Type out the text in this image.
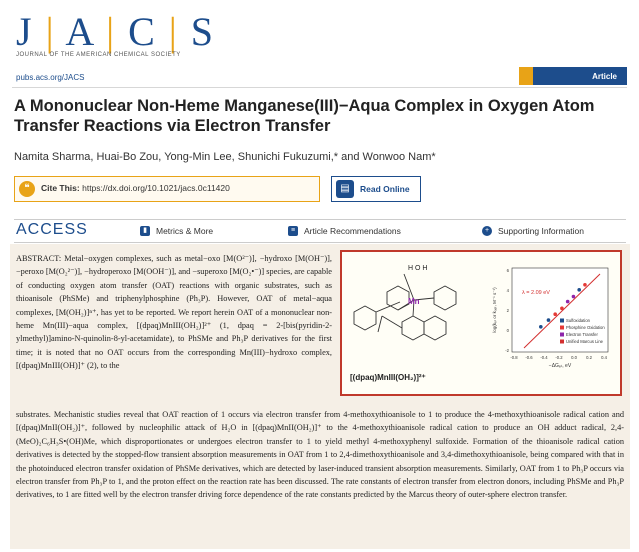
J | A | C | S
JOURNAL OF THE AMERICAN CHEMICAL SOCIETY
pubs.acs.org/JACS	Article
A Mononuclear Non-Heme Manganese(III)−Aqua Complex in Oxygen Atom Transfer Reactions via Electron Transfer
Namita Sharma, Huai-Bo Zou, Yong-Min Lee, Shunichi Fukuzumi,* and Wonwoo Nam*
❝	Cite This: https://dx.doi.org/10.1021/jacs.0c11420	▤	Read Online
ACCESS	▮	Metrics & More	≡	Article Recommendations	+	Supporting Information
ABSTRACT: Metal−oxygen complexes, such as metal−oxo [M(O²⁻)], −hydroxo [M(OH⁻)], −peroxo [M(O₂²⁻)], −hydroperoxo [M(OOH⁻)], and −superoxo [M(O₂•⁻)] species, are capable of conducting oxygen atom transfer (OAT) reactions with organic substrates, such as thioanisole (PhSMe) and triphenylphosphine (Ph₃P). However, OAT of metal−aqua complexes, [M(OH₂)]ⁿ⁺, has yet to be reported. We report herein OAT of a mononuclear non-heme Mn(III)−aqua complex, [(dpaq)MnIII(OH₂)]²⁺ (1, dpaq = 2-[bis(pyridin-2-ylmethyl)]amino-N-quinolin-8-yl-acetamidate), to PhSMe and Ph₃P derivatives for the first time; it is noted that no OAT occurs from the corresponding Mn(III)−hydroxo complex, [(dpaq)MnIII(OH)]⁺ (2), to the
H O H
Mn
[(dpaq)MnIII(OH₂)]²⁺
λ = 2.09 eV
Sulfoxidation
Phosphine Oxidation
Electron Transfer
Unified Marcus Line
-0.8 -0.6 -0.4 -0.2 0.0 0.2 0.4
6
4
2
0
-2
−ΔGₑₜ, eV
log(kₑₜ or kₒₐₜ, M⁻¹ s⁻¹)
substrates. Mechanistic studies reveal that OAT reaction of 1 occurs via electron transfer from 4-methoxythioanisole to 1 to produce the 4-methoxythioanisole radical cation and [(dpaq)MnII(OH₂)]⁺, followed by nucleophilic attack of H₂O in [(dpaq)MnII(OH₂)]⁺ to the 4-methoxythioanisole radical cation to produce an OH adduct radical, 2,4-(MeO)₂C₆H₃S•(OH)Me, which disproportionates or undergoes electron transfer to 1 to yield methyl 4-methoxyphenyl sulfoxide. Formation of the thioanisole radical cation derivatives is detected by the stopped-flow transient absorption measurements in OAT from 1 to 2,4-dimethoxythioanisole and 3,4-dimethoxythioanisole, being compared with that in the photoinduced electron transfer oxidation of PhSMe derivatives, which are detected by laser-induced transient absorption measurements. Similarly, OAT from 1 to Ph₃P occurs via electron transfer from Ph₃P to 1, and the proton effect on the reaction rate has been discussed. The rate constants of electron transfer from electron donors, including PhSMe and Ph₃P derivatives, to 1 are fitted well by the electron transfer driving force dependence of the rate constants predicted by the Marcus theory of outer-sphere electron transfer.
